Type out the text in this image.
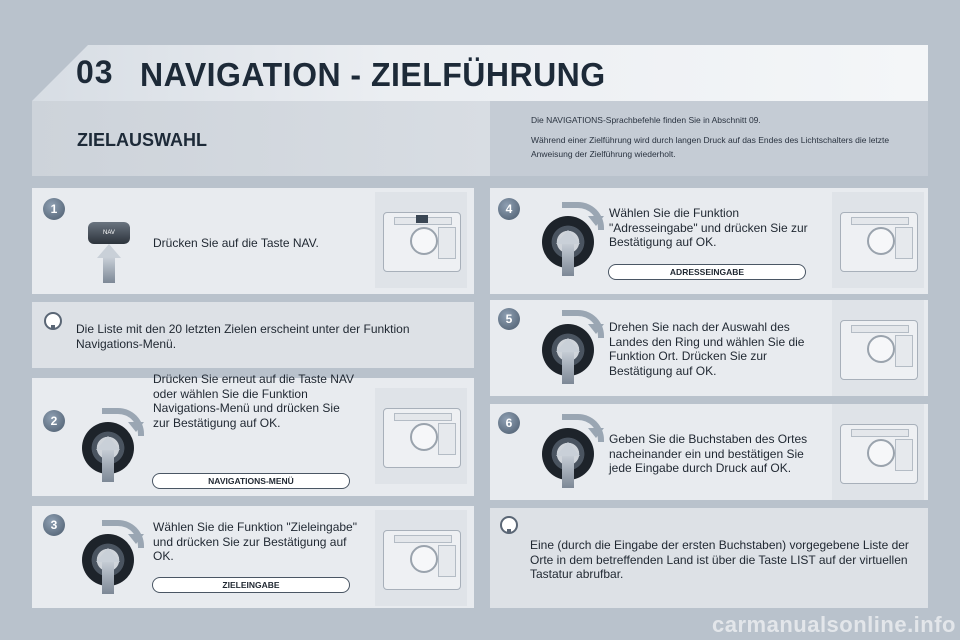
03 NAVIGATION - ZIELFÜHRUNG
ZIELAUSWAHL

Die NAVIGATIONS-Sprachbefehle finden Sie in Abschnitt 09.

Während einer Zielführung wird durch langen Druck auf das Endes des Lichtschalters die letzte Anweisung der Zielführung wiederholt.

1
NAV
Drücken Sie auf die Taste NAV.
Die Liste mit den 20 letzten Zielen erscheint unter der Funktion Navigations-Menü.
2
Drücken Sie erneut auf die Taste NAV oder wählen Sie die Funktion Navigations-Menü und drücken Sie zur Bestätigung auf OK.
NAVIGATIONS-MENÜ
3	Wählen Sie die Funktion "Zieleingabe" und drücken Sie zur Bestätigung auf OK.
ZIELEINGABE
4	Wählen Sie die Funktion "Adresseingabe" und drücken Sie zur Bestätigung auf OK.
ADRESSEINGABE
5
Drehen Sie nach der Auswahl des Landes den Ring und wählen Sie die Funktion Ort. Drücken Sie zur Bestätigung auf OK.
6
Geben Sie die Buchstaben des Ortes nacheinander ein und bestätigen Sie jede Eingabe durch Druck auf OK.
Eine (durch die Eingabe der ersten Buchstaben) vorgegebene Liste der Orte in dem betreffenden Land ist über die Taste LIST auf der virtuellen Tastatur abrufbar.
carmanualsonline.info
